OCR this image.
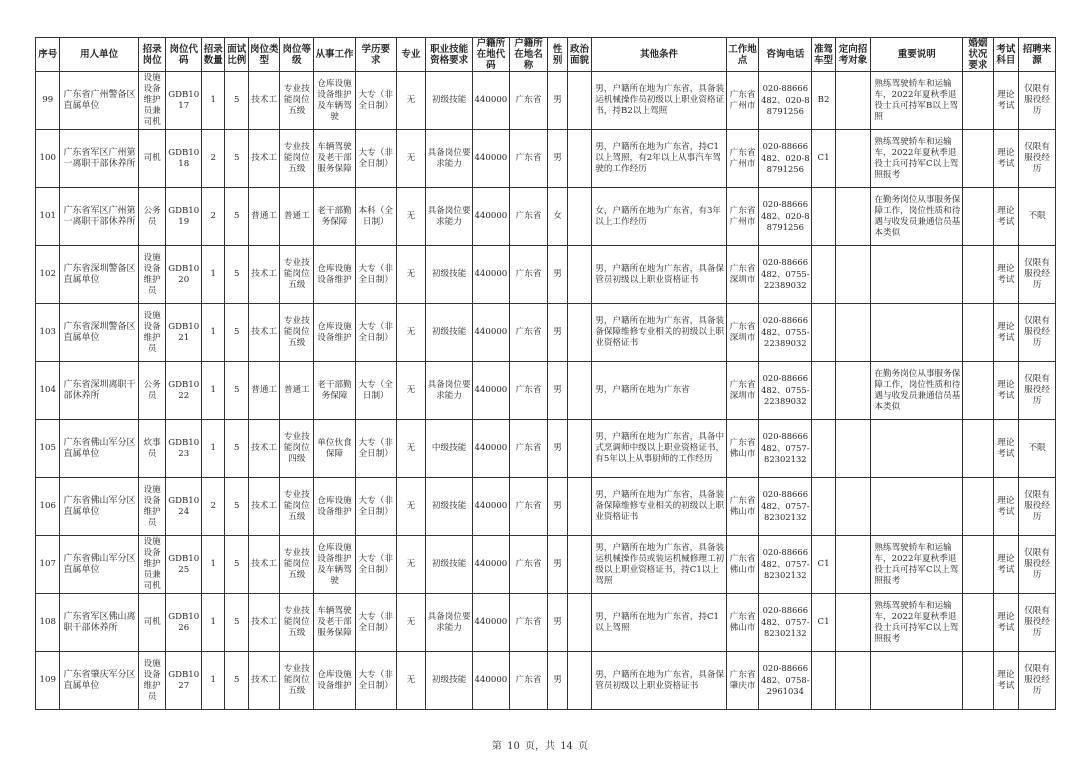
序号	用人单位	招录岗位	岗位代码	招录数量	面试比例	岗位类型	岗位等级	从事工作	学历要求	专业	职业技能资格要求	户籍所在地代码	户籍所在地名称	性别	政治面貌	其他条件	工作地点	咨询电话	准驾车型	定向招考对象	重要说明	婚姻状况要求	考试科目	招聘来源
99	广东省广州警备区直属单位	设施设备维护员兼司机	GDB1017	1	5	技术工	专业技能岗位五级	仓库设施设备维护及车辆驾驶	大专（非全日制）	无	初级技能	440000	广东省	男		男，户籍所在地为广东省，具备装运机械操作员初级以上职业资格证书，持B2以上驾照	广东省广州市	020-88666482、020-88791256	B2		熟练驾驶轿车和运输车，2022年夏秋季退役士兵可持军B以上驾照		理论考试	仅限有服役经历
100	广东省军区广州第一离职干部休养所	司机	GDB1018	2	5	技术工	专业技能岗位五级	车辆驾驶及老干部服务保障	大专（非全日制）	无	具备岗位要求能力	440000	广东省	男		男，户籍所在地为广东省，持C1以上驾照，有2年以上从事汽车驾驶的工作经历	广东省广州市	020-88666482、020-88791256	C1		熟练驾驶轿车和运输车，2022年夏秋季退役士兵可持军C以上驾照报考		理论考试	仅限有服役经历
101	广东省军区广州第一离职干部休养所	公务员	GDB1019	2	5	普通工	普通工	老干部勤务保障	本科（全日制）	无	具备岗位要求能力	440000	广东省	女		女，户籍所在地为广东省，有3年以上工作经历	广东省广州市	020-88666482、020-88791256			在勤务岗位从事服务保障工作，岗位性质和待遇与收发员兼通信员基本类似		理论考试	不限
102	广东省深圳警备区直属单位	设施设备维护员	GDB1020	1	5	技术工	专业技能岗位五级	仓库设施设备维护	大专（非全日制）	无	初级技能	440000	广东省	男		男，户籍所在地为广东省，具备保管员初级以上职业资格证书	广东省深圳市	020-88666482、0755-22389032					理论考试	仅限有服役经历
103	广东省深圳警备区直属单位	设施设备维护员	GDB1021	1	5	技术工	专业技能岗位五级	仓库设施设备维护	大专（非全日制）	无	初级技能	440000	广东省	男		男，户籍所在地为广东省，具备装备保障维修专业相关的初级以上职业资格证书	广东省深圳市	020-88666482、0755-22389032					理论考试	仅限有服役经历
104	广东省深圳离职干部休养所	公务员	GDB1022	1	5	普通工	普通工	老干部勤务保障	大专（全日制）	无	具备岗位要求能力	440000	广东省	男		男，户籍所在地为广东省	广东省深圳市	020-88666482、0755-22389032			在勤务岗位从事服务保障工作，岗位性质和待遇与收发员兼通信员基本类似		理论考试	仅限有服役经历
105	广东省佛山军分区直属单位	炊事员	GDB1023	1	5	技术工	专业技能岗位四级	单位伙食保障	大专（非全日制）	无	中级技能	440000	广东省	男		男，户籍所在地为广东省，具备中式烹调师中级以上职业资格证书，有5年以上从事厨师的工作经历	广东省佛山市	020-88666482、0757-82302132					理论考试	不限
106	广东省佛山军分区直属单位	设施设备维护员	GDB1024	2	5	技术工	专业技能岗位五级	仓库设施设备维护	大专（非全日制）	无	初级技能	440000	广东省	男		男，户籍所在地为广东省，具备装备保障维修专业相关的初级以上职业资格证书	广东省佛山市	020-88666482、0757-82302132					理论考试	仅限有服役经历
107	广东省佛山军分区直属单位	设施设备维护员兼司机	GDB1025	1	5	技术工	专业技能岗位五级	仓库设施设备维护及车辆驾驶	大专（非全日制）	无	初级技能	440000	广东省	男		男，户籍所在地为广东省，具备装运机械操作员或装运机械修理工初级以上职业资格证书，持C1以上驾照	广东省佛山市	020-88666482、0757-82302132	C1		熟练驾驶轿车和运输车，2022年夏秋季退役士兵可持军C以上驾照报考		理论考试	仅限有服役经历
108	广东省军区佛山离职干部休养所	司机	GDB1026	1	5	技术工	专业技能岗位五级	车辆驾驶及老干部服务保障	大专（非全日制）	无	具备岗位要求能力	440000	广东省	男		男，户籍所在地为广东省，持C1以上驾照	广东省佛山市	020-88666482、0757-82302132	C1		熟练驾驶轿车和运输车，2022年夏秋季退役士兵可持军C以上驾照报考		理论考试	仅限有服役经历
109	广东省肇庆军分区直属单位	设施设备维护员	GDB1027	1	5	技术工	专业技能岗位五级	仓库设施设备维护	大专（非全日制）	无	初级技能	440000	广东省	男		男，户籍所在地为广东省，具备保管员初级以上职业资格证书	广东省肇庆市	020-88666482、0758-2961034					理论考试	仅限有服役经历
第 10 页，共 14 页
